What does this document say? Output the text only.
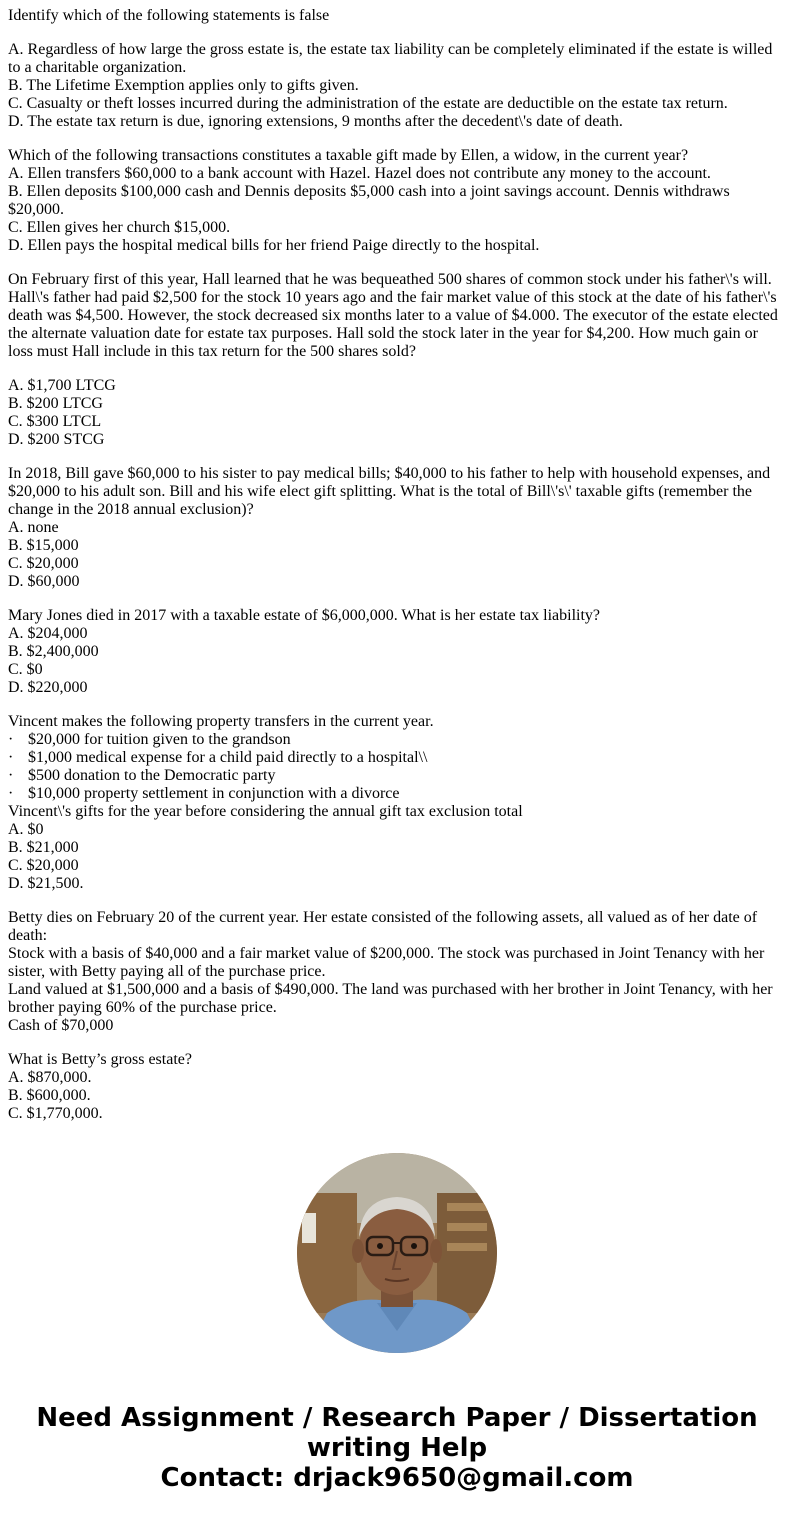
Identify which of the following statements is false

A. Regardless of how large the gross estate is, the estate tax liability can be completely eliminated if the estate is willed to a charitable organization.
B. The Lifetime Exemption applies only to gifts given.
C. Casualty or theft losses incurred during the administration of the estate are deductible on the estate tax return.
D. The estate tax return is due, ignoring extensions, 9 months after the decedent\'s date of death.

Which of the following transactions constitutes a taxable gift made by Ellen, a widow, in the current year?
A. Ellen transfers $60,000 to a bank account with Hazel. Hazel does not contribute any money to the account.
B. Ellen deposits $100,000 cash and Dennis deposits $5,000 cash into a joint savings account. Dennis withdraws $20,000.
C. Ellen gives her church $15,000.
D. Ellen pays the hospital medical bills for her friend Paige directly to the hospital.

On February first of this year, Hall learned that he was bequeathed 500 shares of common stock under his father\'s will. Hall\'s father had paid $2,500 for the stock 10 years ago and the fair market value of this stock at the date of his father\'s death was $4,500. However, the stock decreased six months later to a value of $4.000. The executor of the estate elected the alternate valuation date for estate tax purposes. Hall sold the stock later in the year for $4,200. How much gain or loss must Hall include in this tax return for the 500 shares sold?

A. $1,700 LTCG
B. $200 LTCG
C. $300 LTCL
D. $200 STCG

In 2018, Bill gave $60,000 to his sister to pay medical bills; $40,000 to his father to help with household expenses, and $20,000 to his adult son. Bill and his wife elect gift splitting. What is the total of Bill\'s\' taxable gifts (remember the change in the 2018 annual exclusion)?
A. none
B. $15,000
C. $20,000
D. $60,000

Mary Jones died in 2017 with a taxable estate of $6,000,000. What is her estate tax liability?
A. $204,000
B. $2,400,000
C. $0
D. $220,000

Vincent makes the following property transfers in the current year.
· $20,000 for tuition given to the grandson
· $1,000 medical expense for a child paid directly to a hospital\\
· $500 donation to the Democratic party
· $10,000 property settlement in conjunction with a divorce
Vincent\'s gifts for the year before considering the annual gift tax exclusion total
A. $0
B. $21,000
C. $20,000
D. $21,500.

Betty dies on February 20 of the current year. Her estate consisted of the following assets, all valued as of her date of death:
Stock with a basis of $40,000 and a fair market value of $200,000. The stock was purchased in Joint Tenancy with her sister, with Betty paying all of the purchase price.
Land valued at $1,500,000 and a basis of $490,000. The land was purchased with her brother in Joint Tenancy, with her brother paying 60% of the purchase price.
Cash of $70,000

What is Betty’s gross estate?
A. $870,000.
B. $600,000.
C. $1,770,000.

Need Assignment / Research Paper / Dissertation
writing Help
Contact: drjack9650@gmail.com
